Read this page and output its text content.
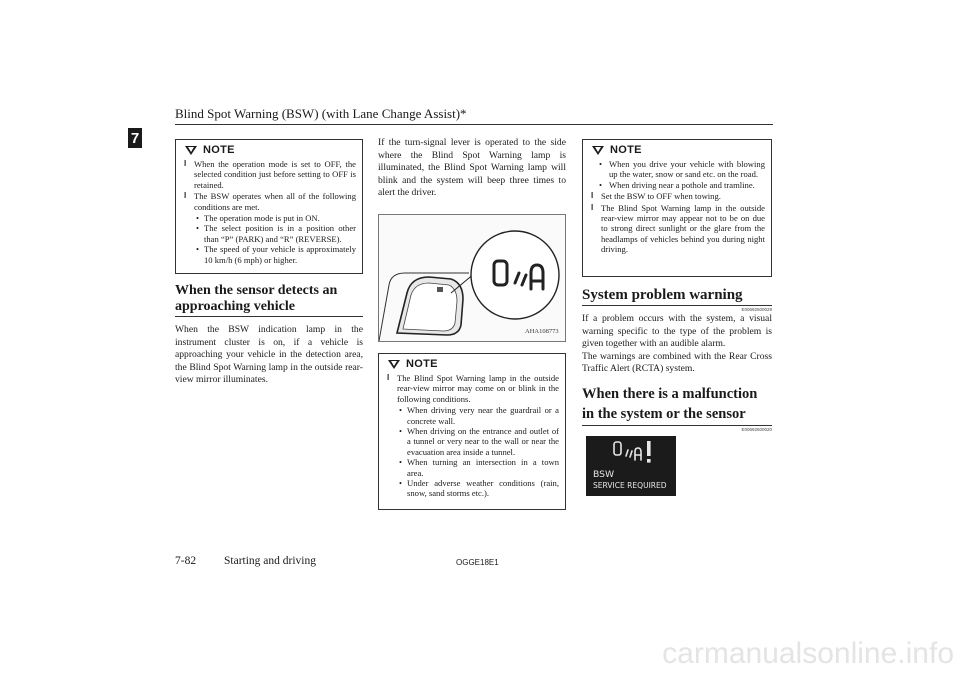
Blind Spot Warning (BSW) (with Lane Change Assist)*
7
NOTE
l When the operation mode is set to OFF, the selected condition just before setting to OFF is retained.
l The BSW operates when all of the following conditions are met.
• The operation mode is put in ON.
• The select position is in a position other than “P” (PARK) and “R” (REVERSE).
• The speed of your vehicle is approximately 10 km/h (6 mph) or higher.
When the sensor detects an approaching vehicle

When the BSW indication lamp in the instrument cluster is on, if a vehicle is approaching your vehicle in the detection area, the Blind Spot Warning lamp in the outside rear-view mirror illuminates.

If the turn-signal lever is operated to the side where the Blind Spot Warning lamp is illuminated, the Blind Spot Warning lamp will blink and the system will beep three times to alert the driver.

AHA108773
NOTE
l The Blind Spot Warning lamp in the outside rear-view mirror may come on or blink in the following conditions.
• When driving very near the guardrail or a concrete wall.
• When driving on the entrance and outlet of a tunnel or very near to the wall or near the evacuation area inside a tunnel.
• When turning an intersection in a town area.
• Under adverse weather conditions (rain, snow, sand storms etc.).
NOTE
• When you drive your vehicle with blowing up the water, snow or sand etc. on the road.
• When driving near a pothole and tramline.
l Set the BSW to OFF when towing.
l The Blind Spot Warning lamp in the outside rear-view mirror may appear not to be on due to strong direct sunlight or the glare from the headlamps of vehicles behind you during night driving.
System problem warning
E00692500029

If a problem occurs with the system, a visual warning specific to the type of the problem is given together with an audible alarm.

The warnings are combined with the Rear Cross Traffic Alert (RCTA) system.

When there is a malfunction in the system or the sensor
E00692600020
BSW
SERVICE REQUIRED
7-82 Starting and driving	OGGE18E1
carmanualsonline.info
